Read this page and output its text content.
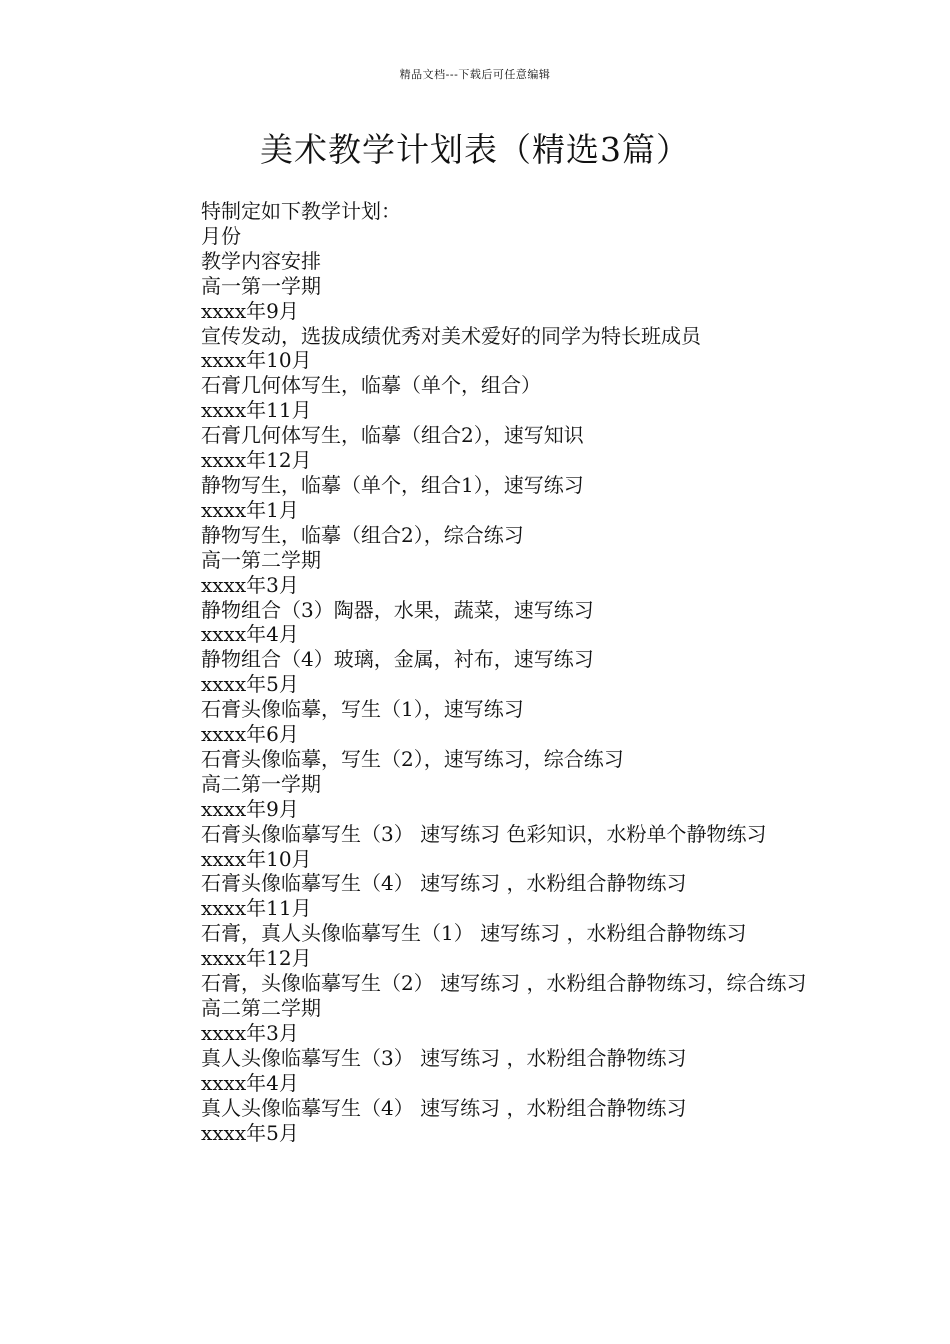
精品文档---下载后可任意编辑
美术教学计划表（精选3篇）
特制定如下教学计划：
月份
教学内容安排
高一第一学期
xxxx年9月
宣传发动，选拔成绩优秀对美术爱好的同学为特长班成员
xxxx年10月
石膏几何体写生，临摹（单个，组合）
xxxx年11月
石膏几何体写生，临摹（组合2），速写知识
xxxx年12月
静物写生，临摹（单个，组合1），速写练习
xxxx年1月
静物写生，临摹（组合2），综合练习
高一第二学期
xxxx年3月
静物组合（3）陶器，水果，蔬菜，速写练习
xxxx年4月
静物组合（4）玻璃，金属，衬布，速写练习
xxxx年5月
石膏头像临摹，写生（1），速写练习
xxxx年6月
石膏头像临摹，写生（2），速写练习，综合练习
高二第一学期
xxxx年9月
石膏头像临摹写生（3） 速写练习 色彩知识，水粉单个静物练习
xxxx年10月
石膏头像临摹写生（4） 速写练习 ，水粉组合静物练习
xxxx年11月
石膏，真人头像临摹写生（1） 速写练习 ，水粉组合静物练习
xxxx年12月
石膏，头像临摹写生（2） 速写练习 ，水粉组合静物练习，综合练习
高二第二学期
xxxx年3月
真人头像临摹写生（3） 速写练习 ，水粉组合静物练习
xxxx年4月
真人头像临摹写生（4） 速写练习 ，水粉组合静物练习
xxxx年5月
